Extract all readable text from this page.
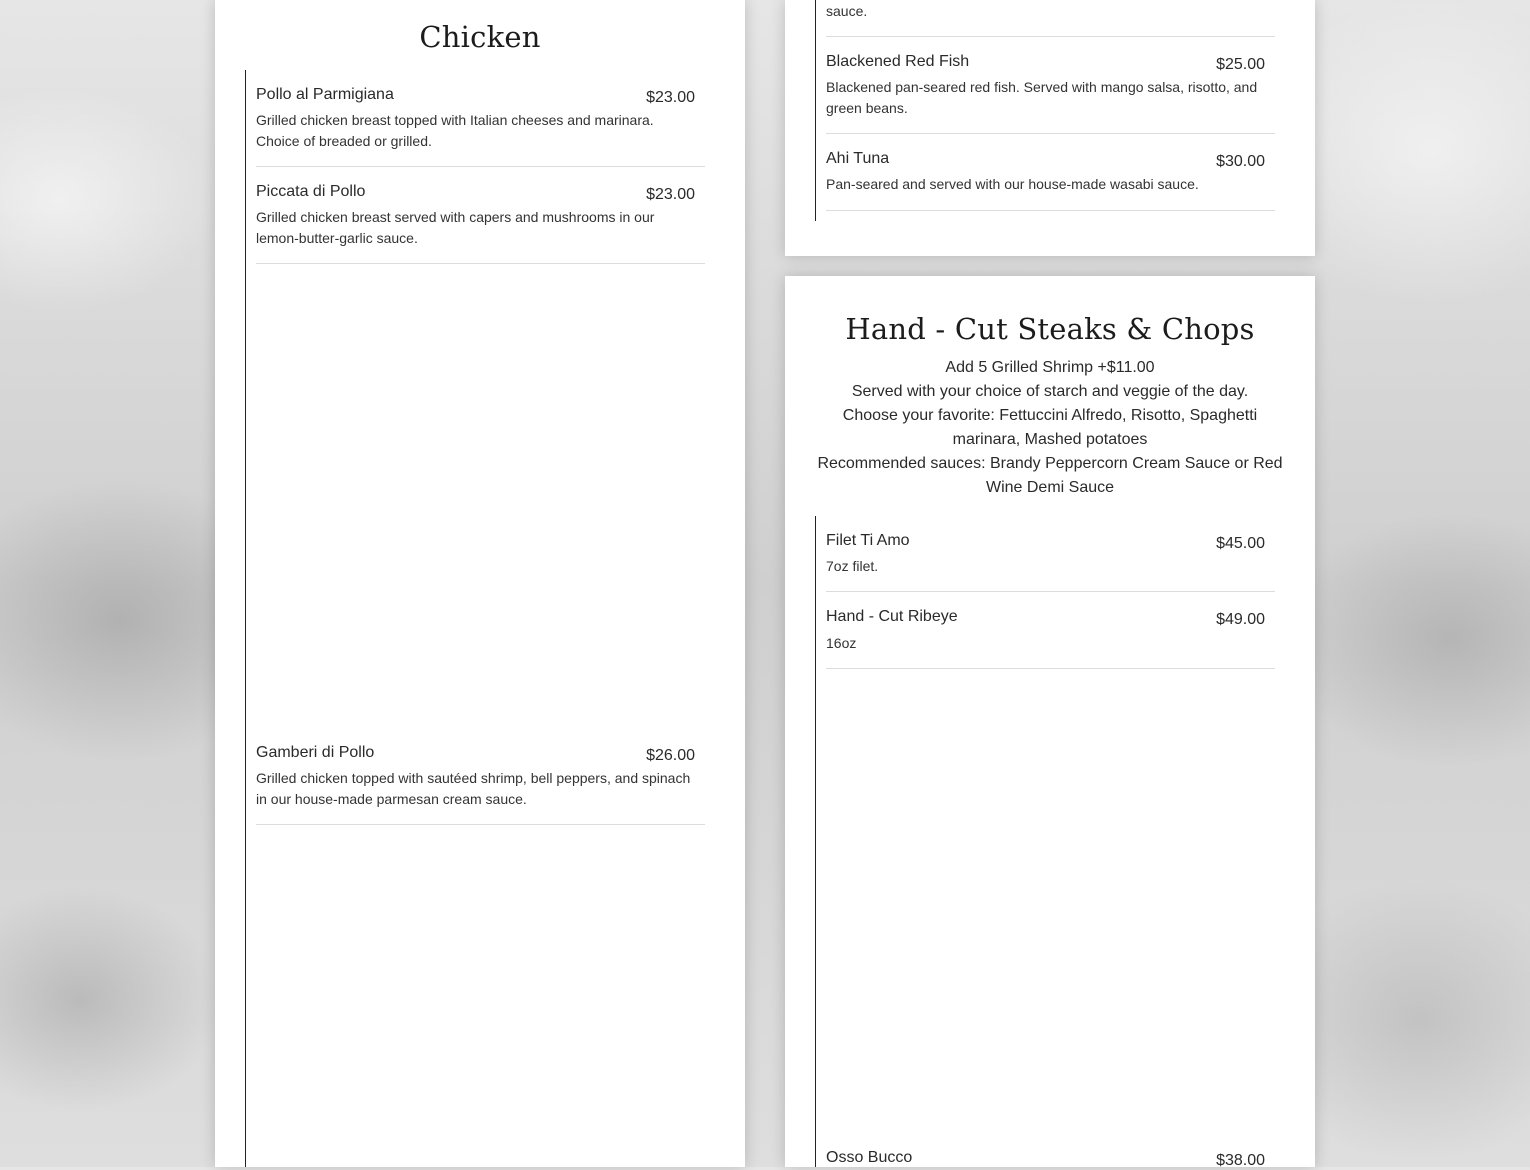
Chicken
Pollo al Parmigiana	$23.00
Grilled chicken breast topped with Italian cheeses and marinara. Choice of breaded or grilled.
Piccata di Pollo	$23.00
Grilled chicken breast served with capers and mushrooms in our lemon-butter-garlic sauce.
Gamberi di Pollo	$26.00
Grilled chicken topped with sautéed shrimp, bell peppers, and spinach in our house-made parmesan cream sauce.
sauce.
Blackened Red Fish	$25.00
Blackened pan-seared red fish. Served with mango salsa, risotto, and green beans.
Ahi Tuna	$30.00
Pan-seared and served with our house-made wasabi sauce.
Hand - Cut Steaks & Chops
Add 5 Grilled Shrimp +$11.00
Served with your choice of starch and veggie of the day.
Choose your favorite: Fettuccini Alfredo, Risotto, Spaghetti marinara, Mashed potatoes
Recommended sauces: Brandy Peppercorn Cream Sauce or Red Wine Demi Sauce
Filet Ti Amo	$45.00
7oz filet.
Hand - Cut Ribeye	$49.00
16oz
Osso Bucco	$38.00
